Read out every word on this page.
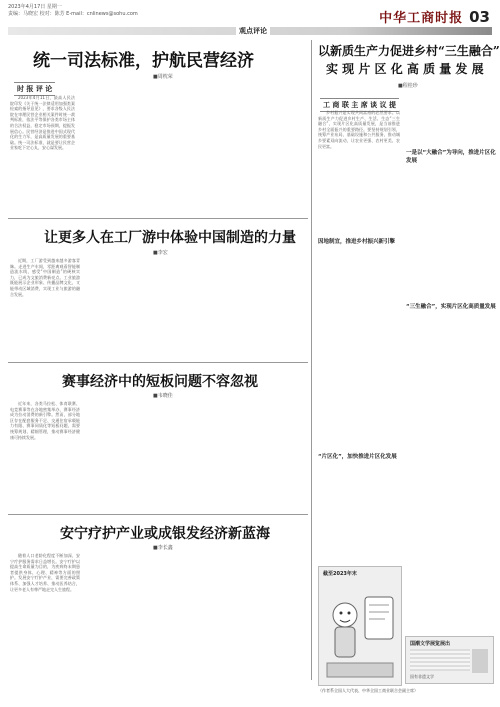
2023年4月17日 星期一
责编：马晓宏 校对：陈芳 E-mail：cnlinews@sohu.com	中华工商时报 03
观点评论
统一司法标准，护航民营经济
■周枕荣
时 报 评 论

2023年4月11日，最高人民法院印发《关于统一法律适用加强类案检索的指导意见》，要求各级人民法院在审理民营企业相关案件时统一裁判标准，依法平等保护各类市场主体的合法权益，稳定市场预期，提振发展信心。民营经济是推进中国式现代化的生力军，是高质量发展的重要基础。统一司法标准，就是要让民营企业家吃下定心丸，安心谋发展。

以新质生产力促进乡村“三生融合”
实 现 片 区 化 高 质 量 发 展
■程桂珍
工 商 联 主 席 谈 议 提

乡村振兴是实现共同富裕的必然要求。以新质生产力促进乡村生产、生活、生态“三生融合”，实现片区化高质量发展，是当前推进乡村全面振兴的重要路径。要坚持规划引领，统筹产业布局、基础设施和公共服务，推动城乡要素双向流动，让农业更强、农村更美、农民更富。

一是以“大融合”为导向，推进片区化发展
因地制宜，推进乡村振兴新引擎
“三生融合”，实现片区化高质量发展
“片区化”，加快推进片区化发展
让更多人在工厂游中体验中国制造的力量
■李宏

近期，工厂游受到越来越多游客青睐。走进生产车间，零距离观看智能制造流水线，感受“中国制造”的硬核实力，已成为文旅消费新亮点。工业旅游既能展示企业形象、传播品牌文化，又能带动区域消费，实现工业与旅游的融合发展。

赛事经济中的短板问题不容忽视
■韦晓佳

近年来，各类马拉松、体育联赛、电竞赛事等在各地密集举办，赛事经济成为拉动消费的新引擎。然而，部分地区存在配套服务不足、交通住宿承载能力有限、赛事同质化等短板问题，需要统筹规划、精细管理，推动赛事经济健康可持续发展。

安宁疗护产业或成银发经济新蓝海
■李长鑫

随着人口老龄化程度不断加深，安宁疗护服务需求日益增长。安宁疗护以提高生命质量为目的，为疾病终末期患者提供身体、心理、精神等方面的照护。发展安宁疗护产业，需要完善政策体系、加强人才培养、推动医养结合，让更多老人有尊严地走完人生旅程。

截至2023年末
国潮文学展览展出
国有非遗文学
（作者系全国人大代表、中华全国工商业联合会副主席）
